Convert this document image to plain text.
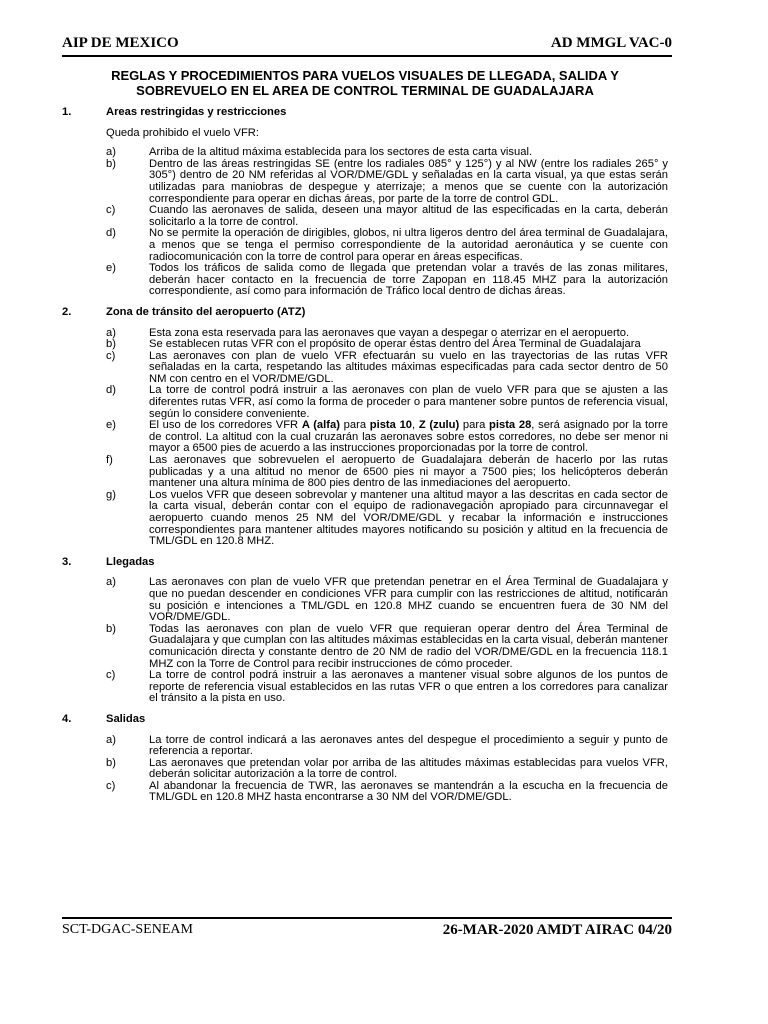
AIP DE MEXICO	AD MMGL VAC-0
REGLAS Y PROCEDIMIENTOS PARA VUELOS VISUALES DE LLEGADA, SALIDA Y
SOBREVUELO EN EL AREA DE CONTROL TERMINAL DE GUADALAJARA
1.	Areas restringidas y restricciones
Queda prohibido el vuelo VFR:
a)	Arriba de la altitud máxima establecida para los sectores de esta carta visual.
b)	Dentro de las áreas restringidas SE (entre los radiales 085° y 125°) y al NW (entre los radiales 265° y 305°) dentro de 20 NM referidas al VOR/DME/GDL y señaladas en la carta visual, ya que estas serán utilizadas para maniobras de despegue y aterrizaje; a menos que se cuente con la autorización correspondiente para operar en dichas áreas, por parte de la torre de control GDL.
c)	Cuando las aeronaves de salida, deseen una mayor altitud de las especificadas en la carta, deberán solicitarlo a la torre de control.
d)	No se permite la operación de dirigibles, globos, ni ultra ligeros dentro del área terminal de Guadalajara, a menos que se tenga el permiso correspondiente de la autoridad aeronáutica y se cuente con radiocomunicación con la torre de control para operar en áreas especificas.
e)	Todos los tráficos de salida como de llegada que pretendan volar a través de las zonas militares, deberán hacer contacto en la frecuencia de torre Zapopan en 118.45 MHZ para la autorización correspondiente, así como para información de Tráfico local dentro de dichas áreas.
2.	Zona de tránsito del aeropuerto (ATZ)
a)	Esta zona esta reservada para las aeronaves que vayan a despegar o aterrizar en el aeropuerto.
b)	Se establecen rutas VFR con el propósito de operar éstas dentro del Área Terminal de Guadalajara
c)	Las aeronaves con plan de vuelo VFR efectuarán su vuelo en las trayectorias de las rutas VFR señaladas en la carta, respetando las altitudes máximas especificadas para cada sector dentro de 50 NM con centro en el VOR/DME/GDL.
d)	La torre de control podrá instruir a las aeronaves con plan de vuelo VFR para que se ajusten a las diferentes rutas VFR, así como la forma de proceder o para mantener sobre puntos de referencia visual, según lo considere conveniente.
e)	El uso de los corredores VFR A (alfa) para pista 10, Z (zulu) para pista 28, será asignado por la torre de control. La altitud con la cual cruzarán las aeronaves sobre estos corredores, no debe ser menor ni mayor a 6500 pies de acuerdo a las instrucciones proporcionadas por la torre de control.
f)	Las aeronaves que sobrevuelen el aeropuerto de Guadalajara deberán de hacerlo por las rutas publicadas y a una altitud no menor de 6500 pies ni mayor a 7500 pies; los helicópteros deberán mantener una altura mínima de 800 pies dentro de las inmediaciones del aeropuerto.
g)	Los vuelos VFR que deseen sobrevolar y mantener una altitud mayor a las descritas en cada sector de la carta visual, deberán contar con el equipo de radionavegación apropiado para circunnavegar el aeropuerto cuando menos 25 NM del VOR/DME/GDL y recabar la información e instrucciones correspondientes para mantener altitudes mayores notificando su posición y altitud en la frecuencia de TML/GDL en 120.8 MHZ.
3.	Llegadas
a)	Las aeronaves con plan de vuelo VFR que pretendan penetrar en el Área Terminal de Guadalajara y que no puedan descender en condiciones VFR para cumplir con las restricciones de altitud, notificarán su posición e intenciones a TML/GDL en 120.8 MHZ cuando se encuentren fuera de 30 NM del VOR/DME/GDL.
b)	Todas las aeronaves con plan de vuelo VFR que requieran operar dentro del Área Terminal de Guadalajara y que cumplan con las altitudes máximas establecidas en la carta visual, deberán mantener comunicación directa y constante dentro de 20 NM de radio del VOR/DME/GDL en la frecuencia 118.1 MHZ con la Torre de Control para recibir instrucciones de cómo proceder.
c)	La torre de control podrá instruir a las aeronaves a mantener visual sobre algunos de los puntos de reporte de referencia visual establecidos en las rutas VFR o que entren a los corredores para canalizar el tránsito a la pista en uso.
4.	Salidas
a)	La torre de control indicará a las aeronaves antes del despegue el procedimiento a seguir y punto de referencia a reportar.
b)	Las aeronaves que pretendan volar por arriba de las altitudes máximas establecidas para vuelos VFR, deberán solicitar autorización a la torre de control.
c)	Al abandonar la frecuencia de TWR, las aeronaves se mantendrán a la escucha en la frecuencia de TML/GDL en 120.8 MHZ hasta encontrarse a 30 NM del VOR/DME/GDL.
SCT-DGAC-SENEAM	26-MAR-2020 AMDT AIRAC 04/20
